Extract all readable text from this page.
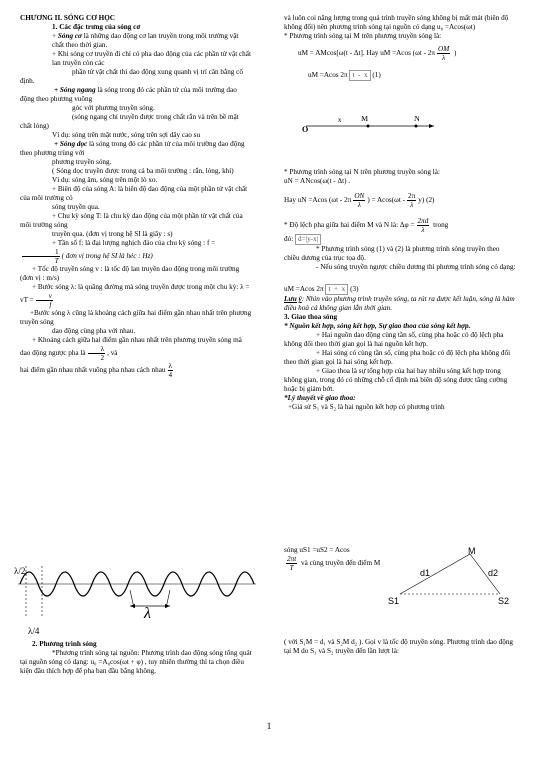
CHƯƠNG II. SÓNG CƠ HỌC

1. Các đặc trưng của sóng cơ

+ Sóng cơ là những dao động cơ lan truyền trong môi trường vật chất theo thời gian.

+ Khi sóng cơ truyền đi chỉ có pha dao động của các phần tử vật chất lan truyền còn các

phần tử vật chất thì dao động xung quanh vị trí cân bằng cố định.

+ Sóng ngang là sóng trong đó các phần tử của môi trường dao động theo phương vuông

góc với phương truyền sóng.

(sóng ngang chỉ truyền được trong chất rắn và trên bề mặt chất lỏng)

Ví dụ: sóng trên mặt nước, sóng trên sợi dây cao su

+ Sóng dọc là sóng trong đó các phần tử của môi trường dao động theo phương trùng với

phương truyền sóng.

( Sóng dọc truyền được trong cả ba môi trường : rắn, lỏng, khí)

Ví dụ: sóng âm, sóng trên một lò xo.

+ Biên độ của sóng A: là biên độ dao động của một phần tử vật chất của môi trường có

sóng truyền qua.

+ Chu kỳ sóng T: là chu kỳ dao động của một phần tử vật chất của môi trường sóng

truyền qua. (đơn vị trong hệ SI là giây : s)

+ Tần số f: là đại lượng nghịch đảo của chu kỳ sóng : f =
$\frac{1}{T}$ ( đơn vị trong hệ SI là héc : Hz)

+ Tốc độ truyền sóng v : là tốc độ lan truyền dao động trong môi trường (đơn vị : m/s)

+ Bước sóng λ: là quãng đường mà sóng truyền được trong một chu kỳ: λ = vT = $\frac{v}{f}$

+Bước sóng λ cũng là khoảng cách giữa hai điểm gần nhau nhất trên phương truyền sóng

dao động cùng pha với nhau.

+ Khoảng cách giữa hai điểm gần nhau nhất trên phương truyền sóng mà dao động ngược pha là $\frac{\lambda}{2}$ , và

hai điểm gần nhau nhất vuông pha nhau cách nhau $\frac{\lambda}{4}$

λ
λ/2
λ/4

2. Phương trình sóng

*Phương trình sóng tại nguồn: Phương trình dao động sóng tổng quát tại nguồn sóng có dạng: u₀ =A₀cos(ωt + φ) , tuy nhiên thường thì ta chọn điều kiện đầu thích hợp để pha ban đầu bằng không,

và luôn coi năng lượng trong quá trình truyền sóng không bị mất mát (biên độ không đổi) nên phương trình sóng tại nguồn có dạng u₀ =Acos(ωt)

* Phương trình sóng tại M trên phương truyền sóng là:

uM = AMcos[ω(t - Δt]. Hay uM =Acos ($\omega t - 2\pi \frac{OM}{\lambda}$ )

uM =Acos 2π t  -  x (1)

O
M	N
x

* Phương trình sóng tại N trên phương truyền sóng là:

uN = ANcos(ω(t - Δt) .

Hay uN =Acos ($\omega t - 2\pi \frac{ON}{\lambda}$ ) = $Acos(\omega t - \frac{2\pi}{\lambda} y)$ (2)

* Độ lệch pha giữa hai điểm M và N là: $\Delta\varphi = \frac{2\pi d}{\lambda}$ trong

đó: d=|y-x|

* Phương trình sóng (1) và (2) là phương trình sóng truyền theo chiều dương của trục tọa độ.

- Nếu sóng truyền ngược chiều dương thì phương trình sóng có dạng:

uM =Acos 2π t  +  x (3)

Lưu ý: Nhìn vào phương trình truyền sóng, ta rút ra được kết luận, sóng là hàm điều hoà cả không gian lẫn thời gian.

3. Giao thoa sóng

* Nguồn kết hợp, sóng kết hợp, Sự giao thoa của sóng kết hợp.

+ Hai nguồn dao động cùng tần số, cùng pha hoặc có độ lệch pha không đổi theo thời gian gọi là hai nguồn kết hợp.

+ Hai sóng có cùng tần số, cùng pha hoặc có độ lệch pha không đổi theo thời gian gọi là hai sóng kết hợp.

+ Giao thoa là sự tổng hợp của hai hay nhiều sóng kết hợp trong không gian, trong đó có những chỗ cố định mà biên độ sóng được tăng cường hoặc bị giảm bớt.

*Lý thuyết về giao thoa:

+Giả sử S₁ và S₂ là hai nguồn kết hợp có phương trình

sóng uS1 =uS2 = Acos

$\frac{2\pi t}{T}$ và cùng truyền đến điểm M

M
d1	d2
S1	S2

( với S₁M = d₁ và S₂M d₂ ). Gọi v là tốc độ truyền sóng. Phương trình dao động tại M do S₁ và S₂ truyền đến lần lượt là:

1
